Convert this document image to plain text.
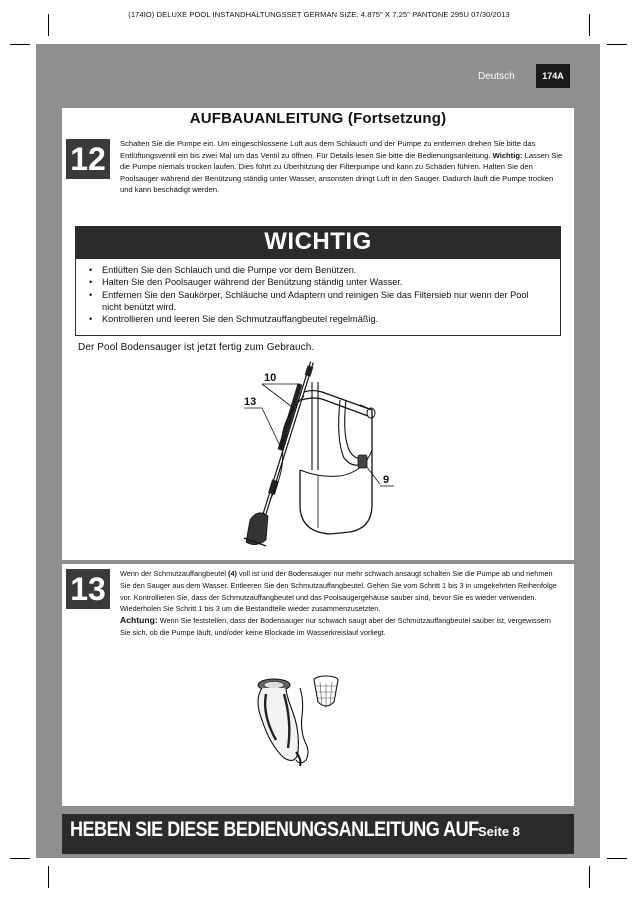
(174IO) DELUXE POOL INSTANDHALTUNGSSET GERMAN SIZE: 4.875" X 7.25" PANTONE 295U 07/30/2013
Deutsch	174A
AUFBAUANLEITUNG (Fortsetzung)
12	Schalten Sie die Pumpe ein. Um eingeschlossene Luft aus dem Schlauch und der Pumpe zu entfernen drehen Sie bitte das Entlüftungsventil ein bis zwei Mal um das Ventil zu öffnen. Für Details lesen Sie bitte die Bedienungsanleitung. Wichtig: Lassen Sie die Pumpe niemals trocken laufen. Dies führt zu Überhitzung der Filterpumpe und kann zu Schäden führen. Halten Sie den Poolsauger während der Benützung ständig unter Wasser, ansonsten dringt Luft in den Sauger. Dadurch läuft die Pumpe trocken und kann beschädigt werden.
WICHTIG
• Entlüften Sie den Schlauch und die Pumpe vor dem Benützen.
• Halten Sie den Poolsauger während der Benützung ständig unter Wasser.
• Entfernen Sie den Saukörper, Schläuche und Adaptern und reinigen Sie das Filtersieb nur wenn der Pool nicht benützt wird.
• Kontrollieren und leeren Sie den Schmutzauffangbeutel regelmäßig.
Der Pool Bodensauger ist jetzt fertig zum Gebrauch.
10
13
9
13	Wenn der Schmutzauffangbeutel (4) voll ist und der Bodensauger nur mehr schwach ansaugt schalten Sie die Pumpe ab und nehmen Sie den Sauger aus dem Wasser. Entleeren Sie den Schmutzauffangbeutel. Gehen Sie vom Schritt 1 bis 3 in umgekehrten Reihenfolge vor. Kontrollieren Sie, dass der Schmutzauffangbeutel und das Poolsaugergehäuse sauber sind, bevor Sie es wieder verwenden. Wiederholen Sie Schritt 1 bis 3 um die Bestandteile wieder zusammenzusetzten.
Achtung: Wenn Sie feststellen, dass der Bodensauger nur schwach saugt aber der Schmutzauffangbeutel sauber ist, vergewissern Sie sich, ob die Pumpe läuft, und/oder keine Blockade im Wasserkreislauf vorliegt.
HEBEN SIE DIESE BEDIENUNGSANLEITUNG AUF Seite 8
